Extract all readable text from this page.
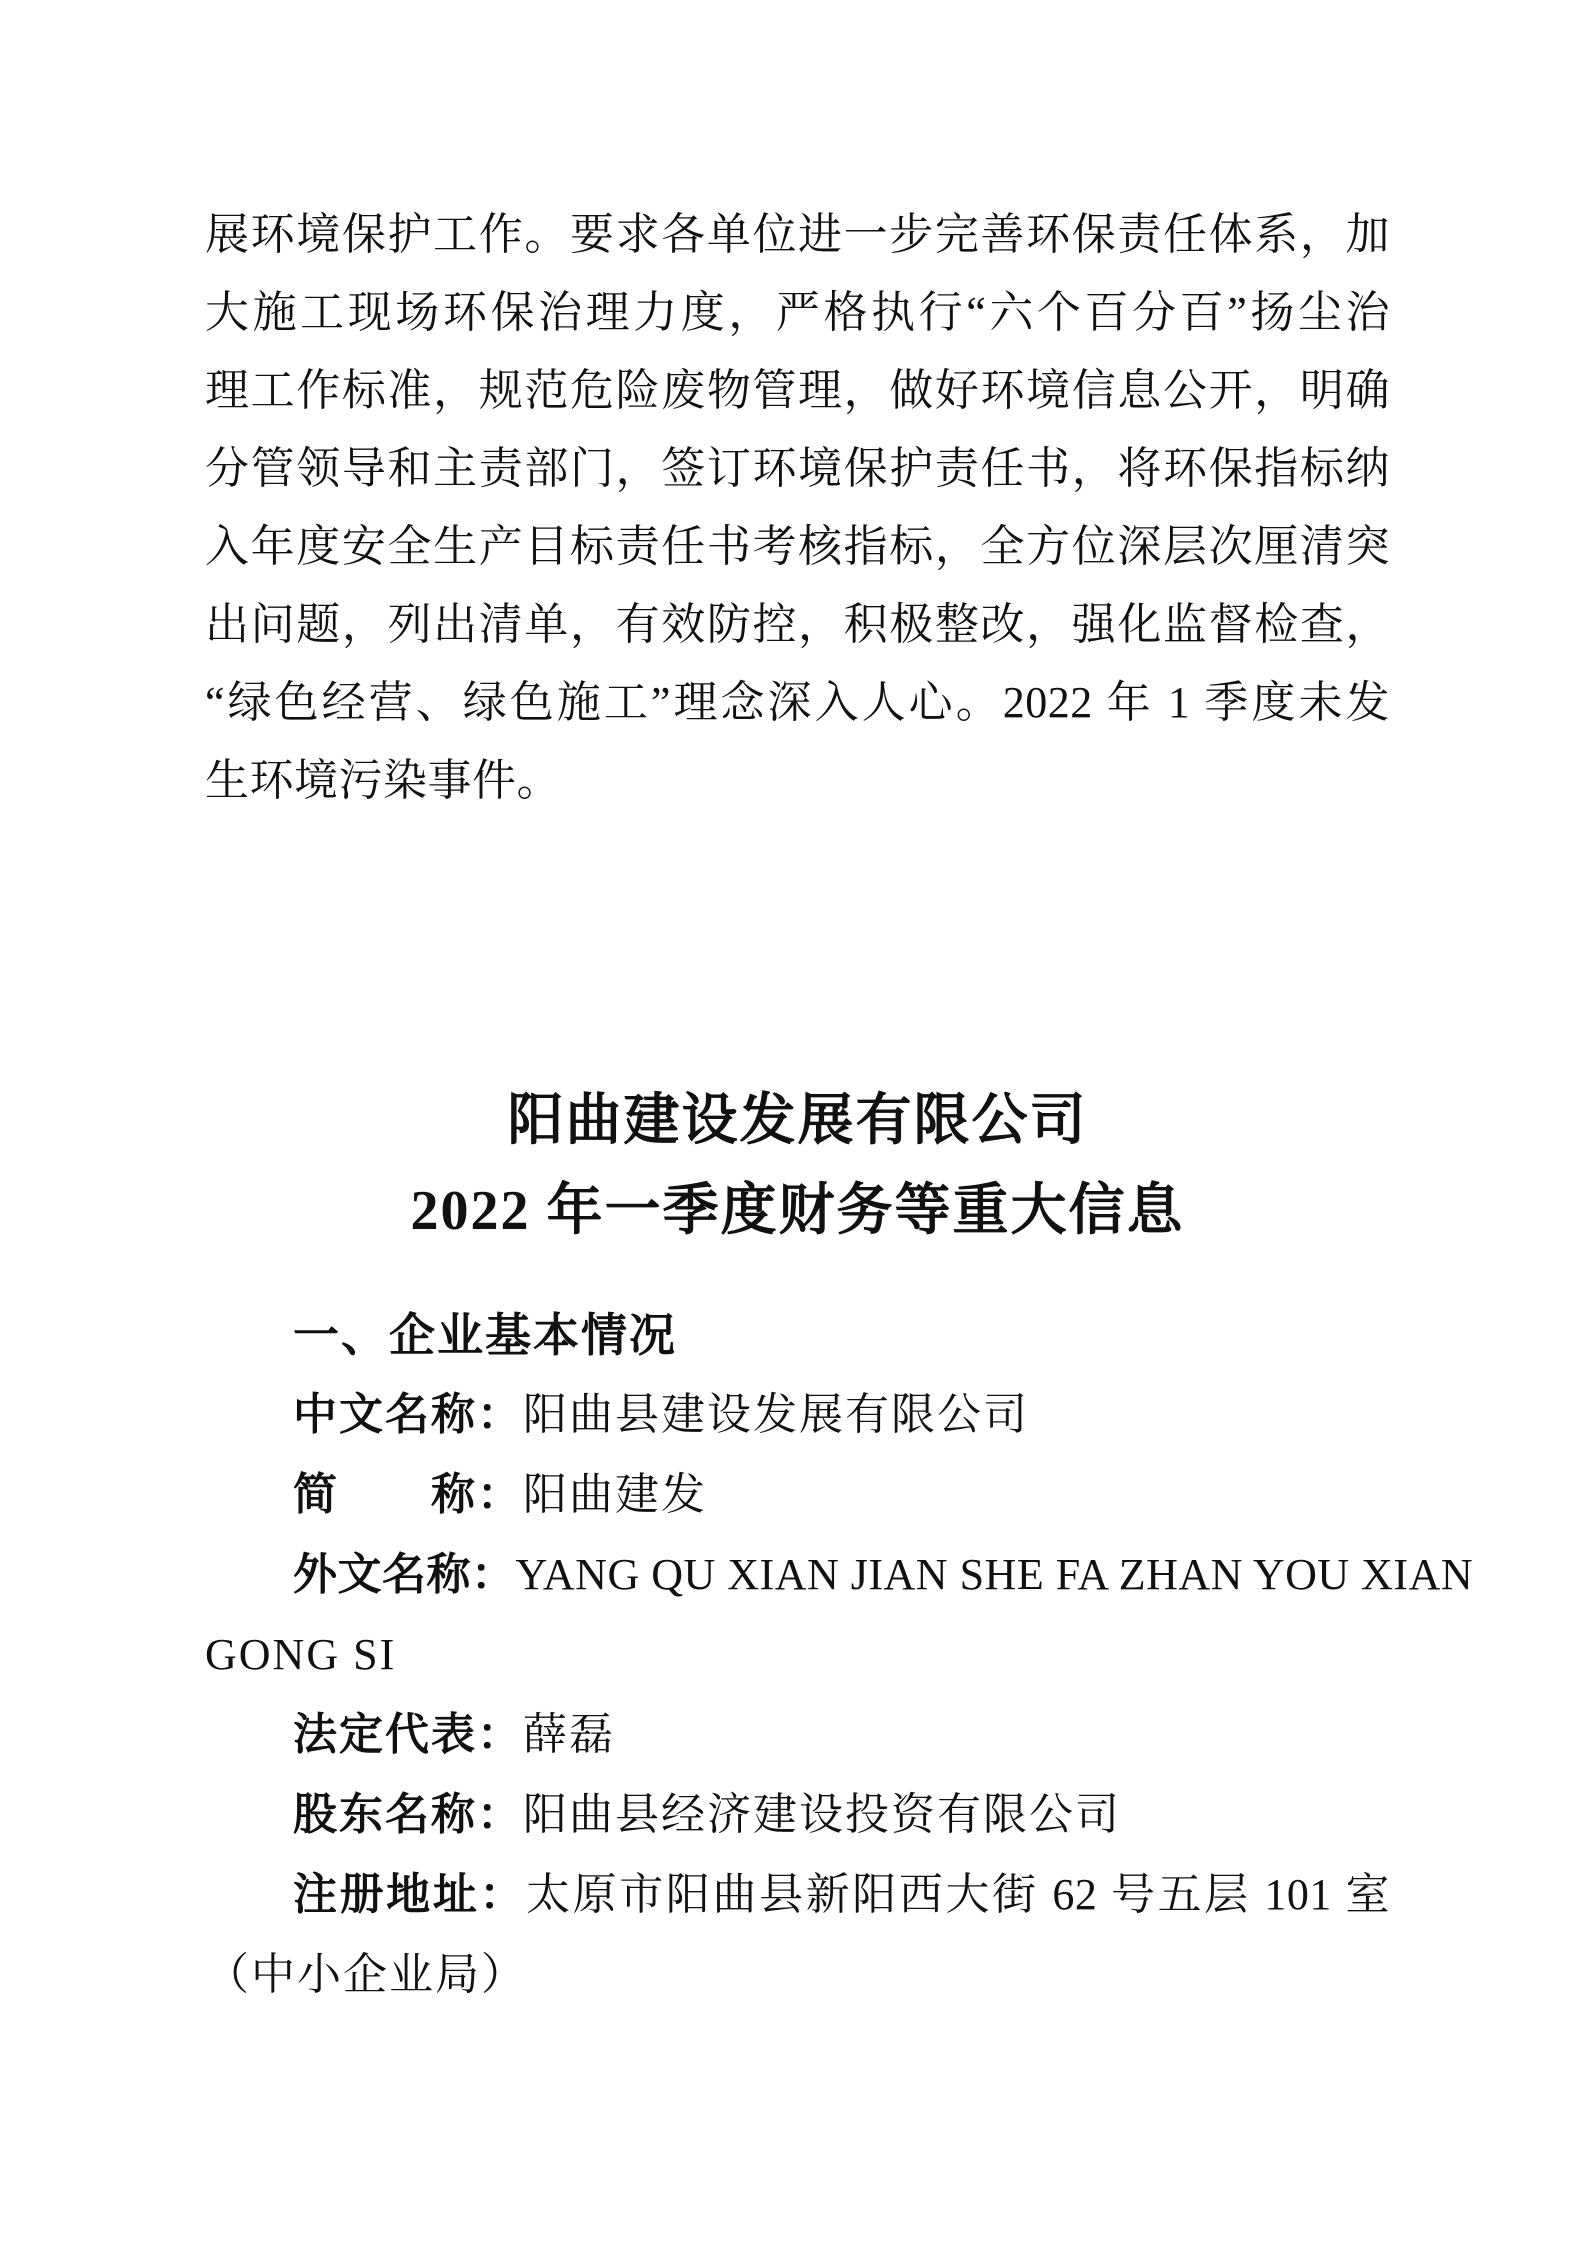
展环境保护工作。要求各单位进一步完善环保责任体系，加
大施工现场环保治理力度，严格执行“六个百分百”扬尘治
理工作标准，规范危险废物管理，做好环境信息公开，明确
分管领导和主责部门，签订环境保护责任书，将环保指标纳
入年度安全生产目标责任书考核指标，全方位深层次厘清突
出问题，列出清单，有效防控，积极整改，强化监督检查，
“绿色经营、绿色施工”理念深入人心。2022 年 1 季度未发
生环境污染事件。
阳曲建设发展有限公司
2022 年一季度财务等重大信息
一、企业基本情况
中文名称：阳曲县建设发展有限公司
简　　称：阳曲建发
外文名称：YANG QU XIAN JIAN SHE FA ZHAN YOU XIAN
GONG SI
法定代表：薛磊
股东名称：阳曲县经济建设投资有限公司
注册地址：太原市阳曲县新阳西大街 62 号五层 101 室
（中小企业局）
